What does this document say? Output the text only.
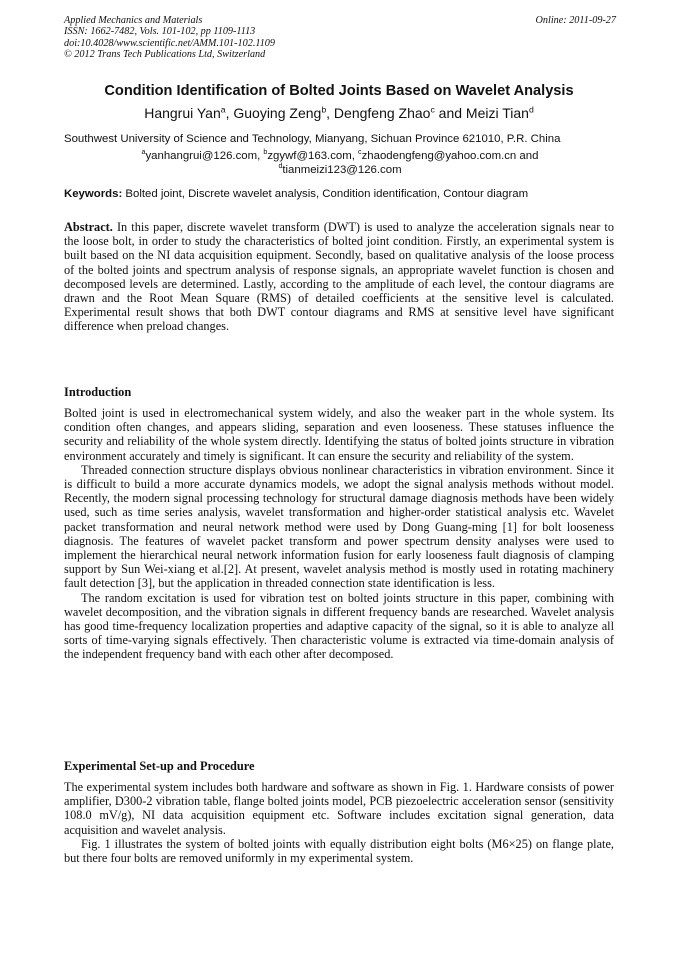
Applied Mechanics and Materials
ISSN: 1662-7482, Vols. 101-102, pp 1109-1113
doi:10.4028/www.scientific.net/AMM.101-102.1109
© 2012 Trans Tech Publications Ltd, Switzerland
Online: 2011-09-27
Condition Identification of Bolted Joints Based on Wavelet Analysis
Hangrui Yan$^a$, Guoying Zeng$^b$, Dengfeng Zhao$^c$ and Meizi Tian$^d$
Southwest University of Science and Technology, Mianyang, Sichuan Province 621010, P.R. China
$^a$yanhangrui@126.com, $^b$zgywf@163.com, $^c$zhaodengfeng@yahoo.com.cn and
$^d$tianmeizi123@126.com
Keywords: Bolted joint, Discrete wavelet analysis, Condition identification, Contour diagram

Abstract. In this paper, discrete wavelet transform (DWT) is used to analyze the acceleration signals near to the loose bolt, in order to study the characteristics of bolted joint condition. Firstly, an experimental system is built based on the NI data acquisition equipment. Secondly, based on qualitative analysis of the loose process of the bolted joints and spectrum analysis of response signals, an appropriate wavelet function is chosen and decomposed levels are determined. Lastly, according to the amplitude of each level, the contour diagrams are drawn and the Root Mean Square (RMS) of detailed coefficients at the sensitive level is calculated. Experimental result shows that both DWT contour diagrams and RMS at sensitive level have significant difference when preload changes.

Introduction

Bolted joint is used in electromechanical system widely, and also the weaker part in the whole system. Its condition often changes, and appears sliding, separation and even looseness. These statuses influence the security and reliability of the whole system directly. Identifying the status of bolted joints structure in vibration environment accurately and timely is significant. It can ensure the security and reliability of the system.

Threaded connection structure displays obvious nonlinear characteristics in vibration environment. Since it is difficult to build a more accurate dynamics models, we adopt the signal analysis methods without model. Recently, the modern signal processing technology for structural damage diagnosis methods have been widely used, such as time series analysis, wavelet transformation and higher-order statistical analysis etc. Wavelet packet transformation and neural network method were used by Dong Guang-ming [1] for bolt looseness diagnosis. The features of wavelet packet transform and power spectrum density analyses were used to implement the hierarchical neural network information fusion for early looseness fault diagnosis of clamping support by Sun Wei-xiang et al.[2]. At present, wavelet analysis method is mostly used in rotating machinery fault detection [3], but the application in threaded connection state identification is less.

The random excitation is used for vibration test on bolted joints structure in this paper, combining with wavelet decomposition, and the vibration signals in different frequency bands are researched. Wavelet analysis has good time-frequency localization properties and adaptive capacity of the signal, so it is able to analyze all sorts of time-varying signals effectively. Then characteristic volume is extracted via time-domain analysis of the independent frequency band with each other after decomposed.

Experimental Set-up and Procedure

The experimental system includes both hardware and software as shown in Fig. 1. Hardware consists of power amplifier, D300-2 vibration table, flange bolted joints model, PCB piezoelectric acceleration sensor (sensitivity 108.0 mV/g), NI data acquisition equipment etc. Software includes excitation signal generation, data acquisition and wavelet analysis.

Fig. 1 illustrates the system of bolted joints with equally distribution eight bolts (M6×25) on flange plate, but there four bolts are removed uniformly in my experimental system.
